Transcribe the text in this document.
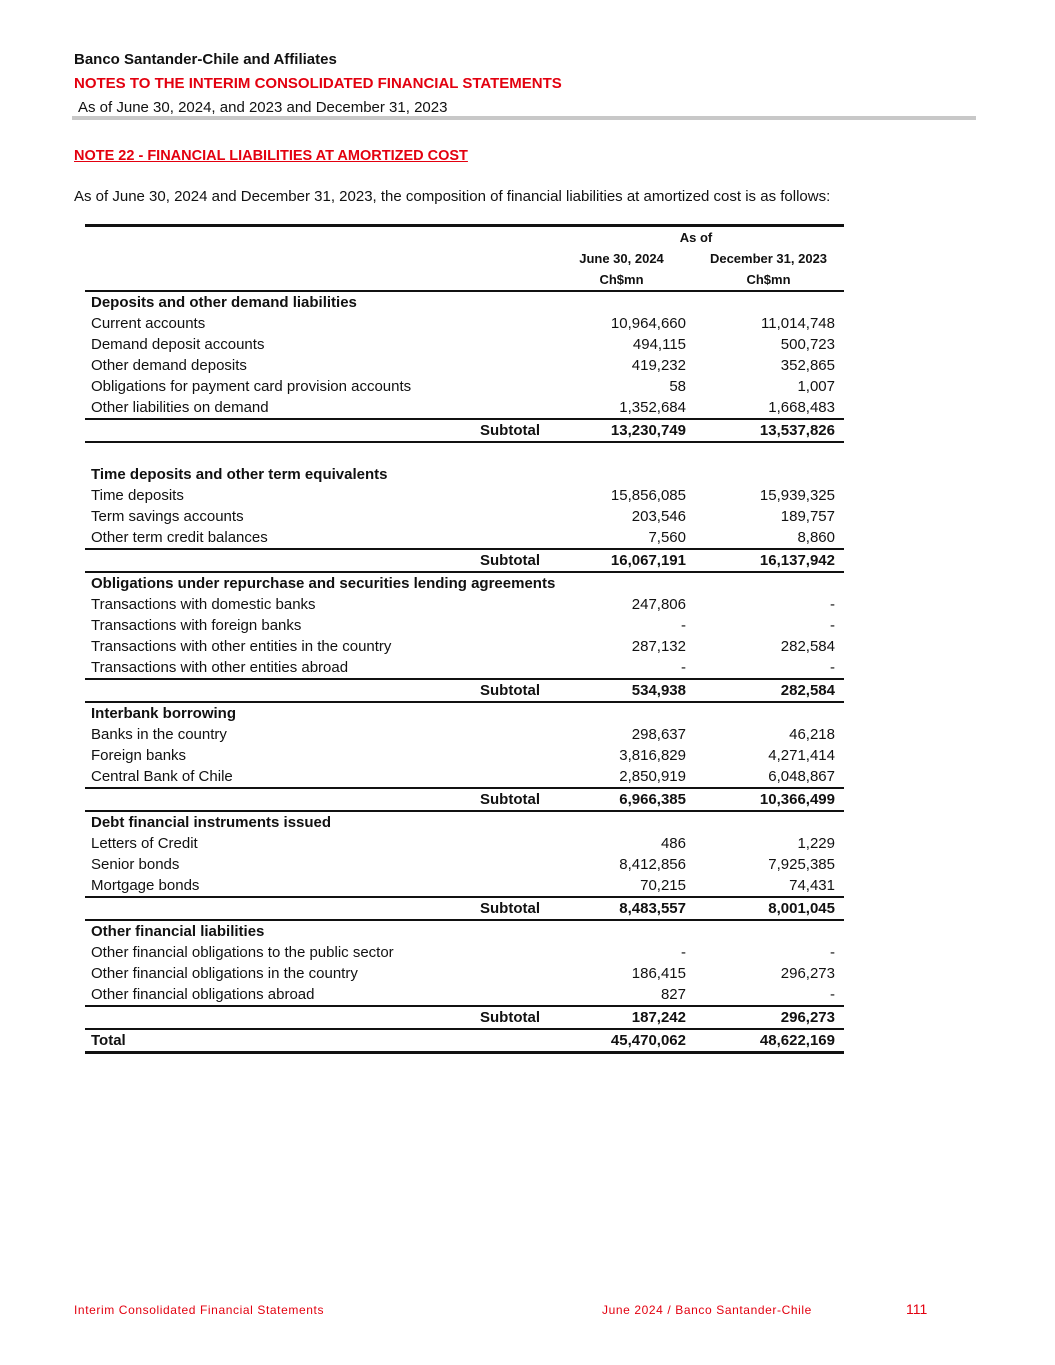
Banco Santander-Chile and Affiliates

NOTES TO THE INTERIM CONSOLIDATED FINANCIAL STATEMENTS

As of June 30, 2024, and 2023 and December 31, 2023

NOTE 22 - FINANCIAL LIABILITIES AT AMORTIZED COST
As of June 30, 2024 and December 31, 2023, the composition of financial liabilities at amortized cost is as follows:
		As of	
		June 30, 2024	December 31, 2023
		Ch$mn	Ch$mn
Deposits and other demand liabilities			
Current accounts		10,964,660	11,014,748
Demand deposit accounts		494,115	500,723
Other demand deposits		419,232	352,865
Obligations for payment card provision accounts		58	1,007
Other liabilities on demand		1,352,684	1,668,483
	Subtotal	13,230,749	13,537,826

Time deposits and other term equivalents			
Time deposits		15,856,085	15,939,325
Term savings accounts		203,546	189,757
Other term credit balances		7,560	8,860
	Subtotal	16,067,191	16,137,942
Obligations under repurchase and securities lending agreements			
Transactions with domestic banks		247,806	-
Transactions with foreign banks		-	-
Transactions with other entities in the country		287,132	282,584
Transactions with other entities abroad		-	-
	Subtotal	534,938	282,584
Interbank borrowing			
Banks in the country		298,637	46,218
Foreign banks		3,816,829	4,271,414
Central Bank of Chile		2,850,919	6,048,867
	Subtotal	6,966,385	10,366,499
Debt financial instruments issued			
Letters of Credit		486	1,229
Senior bonds		8,412,856	7,925,385
Mortgage bonds		70,215	74,431
	Subtotal	8,483,557	8,001,045
Other financial liabilities			
Other financial obligations to the public sector		-	-
Other financial obligations in the country		186,415	296,273
Other financial obligations abroad		827	-
	Subtotal	187,242	296,273
Total		45,470,062	48,622,169
Interim Consolidated Financial Statements	June 2024 / Banco Santander-Chile	111
